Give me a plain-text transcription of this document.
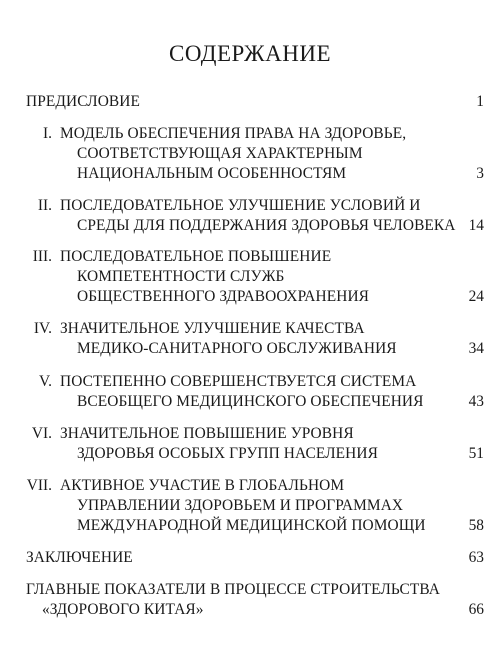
СОДЕРЖАНИЕ
ПРЕДИСЛОВИЕ	1
I. МОДЕЛЬ ОБЕСПЕЧЕНИЯ ПРАВА НА ЗДОРОВЬЕ,
СООТВЕТСТВУЮЩАЯ ХАРАКТЕРНЫМ
НАЦИОНАЛЬНЫМ ОСОБЕННОСТЯМ	3
II. ПОСЛЕДОВАТЕЛЬНОЕ УЛУЧШЕНИЕ УСЛОВИЙ И
СРЕДЫ ДЛЯ ПОДДЕРЖАНИЯ ЗДОРОВЬЯ ЧЕЛОВЕКА 14
III. ПОСЛЕДОВАТЕЛЬНОЕ ПОВЫШЕНИЕ
КОМПЕТЕНТНОСТИ СЛУЖБ
ОБЩЕСТВЕННОГО ЗДРАВООХРАНЕНИЯ	24
IV. ЗНАЧИТЕЛЬНОЕ УЛУЧШЕНИЕ КАЧЕСТВА
МЕДИКО-САНИТАРНОГО ОБСЛУЖИВАНИЯ	34
V. ПОСТЕПЕННО СОВЕРШЕНСТВУЕТСЯ СИСТЕМА
ВСЕОБЩЕГО МЕДИЦИНСКОГО ОБЕСПЕЧЕНИЯ	43
VI. ЗНАЧИТЕЛЬНОЕ ПОВЫШЕНИЕ УРОВНЯ
ЗДОРОВЬЯ ОСОБЫХ ГРУПП НАСЕЛЕНИЯ	51
VII. АКТИВНОЕ УЧАСТИЕ В ГЛОБАЛЬНОМ
УПРАВЛЕНИИ ЗДОРОВЬЕМ И ПРОГРАММАХ
МЕЖДУНАРОДНОЙ МЕДИЦИНСКОЙ ПОМОЩИ	58
ЗАКЛЮЧЕНИЕ	63
ГЛАВНЫЕ ПОКАЗАТЕЛИ В ПРОЦЕССЕ СТРОИТЕЛЬСТВА
«ЗДОРОВОГО КИТАЯ»	66
